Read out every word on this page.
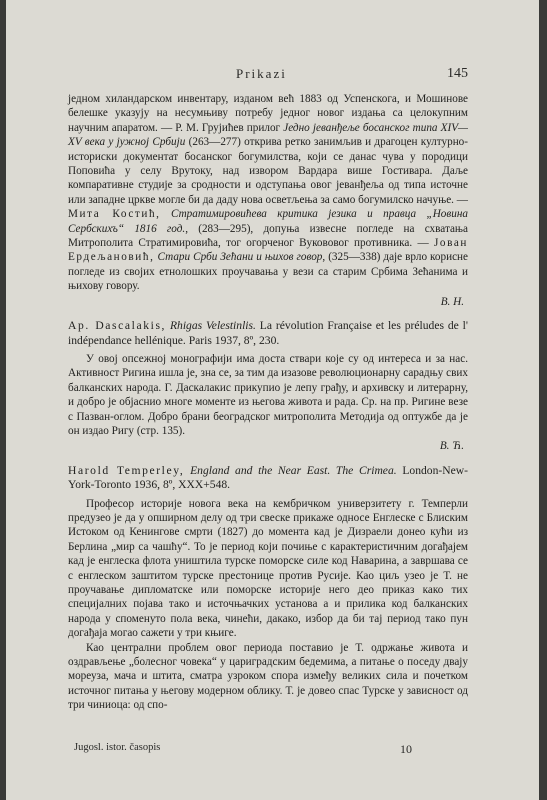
Prikazi	145

једном хиландарском инвентару, изданом већ 1883 од Успенскога, и Мошинове белешке указују на несумњиву потребу једног новог издања са целокупним научним апаратом. — Р. М. Грујићев прилог Једно јеванђеље босанског типа XIV—XV века у јужној Србији (263—277) открива ретко занимљив и драгоцен културно-историски документат босанског богумилства, који се данас чува у породици Поповића у селу Врутоку, над извором Вардара више Гостивара. Даље компаративне студије за сродности и одступања овог јеванђеља од типа источне или западне црквe могле би да даду нова осветљења за само богумилско начуње. — Мита Костић, Стратимировићева критика језика и правца „Новина Сербскихъ“ 1816 год., (283—295), допуња извесне погледе на схватања Митрополита Стратимировића, тог огорченог Вукововог противника. — Јован Ердељановић, Стари Срби Зећани и њихов говор, (325—338) даје врло корисне погледе из својих етнолошких проучавања у вези са старим Србима Зећанима и њихову говору.

В. Н.

Ap. Dascalakis, Rhigas Velestinlis. La révolution Française et les préludes de l' indépendance hellénique. Paris 1937, 8º, 230.

У овој опсежној монографији има доста ствари које су од интереса и за нас. Активност Ригина ишла је, зна се, за тим да изазове революционарну сарадњу свих балканских народа. Г. Даскалакис прикупио је лепу грађу, и архивску и литерарну, и добро је објаснио многе моменте из његова живота и рада. Ср. на пр. Ригине везе с Пазван-оглом. Добро брани београдског митрополита Методија од оптужбе да је он издао Ригу (стр. 135).

В. Ћ.

Harold Temperley, England and the Near East. The Crimea. London-New-York-Toronto 1936, 8º, XXX+548.

Професор историје новога века на кембричком универзитету г. Темперли предузео је да у опширном делу од три свеске прикаже односе Енглеске с Блиским Истоком од Кенинговe смрти (1827) до момента кад је Дизраели донео кући из Берлина „мир са чашћу“. То је период који почиње с карактеристичним догађајем кад је енглеска флота уништила турске поморске силе код Наварина, а завршава се с енглеском заштитом турске престонице против Русије. Као циљ узео је Т. не проучавање дипломатске или поморске историје него део приказ како тих специјалних појава тако и источњачких установа а и прилика код балканских народа у споменуто пола века, чинећи, дакако, избор да би тај период тако пун догађаја могао сажети у три књиге.

Као централни проблем овог периода поставио је Т. одржање живота и оздрављење „болесног човека“ у цариградским бедемима, а питање о поседу двају мореуза, мача и штита, сматра узроком спора између великих сила и почетком источног питања у његову модерном облику. Т. је довео спас Турске у зависност од три чиниоца: од спо-

Jugosl. istor. časopis	10
